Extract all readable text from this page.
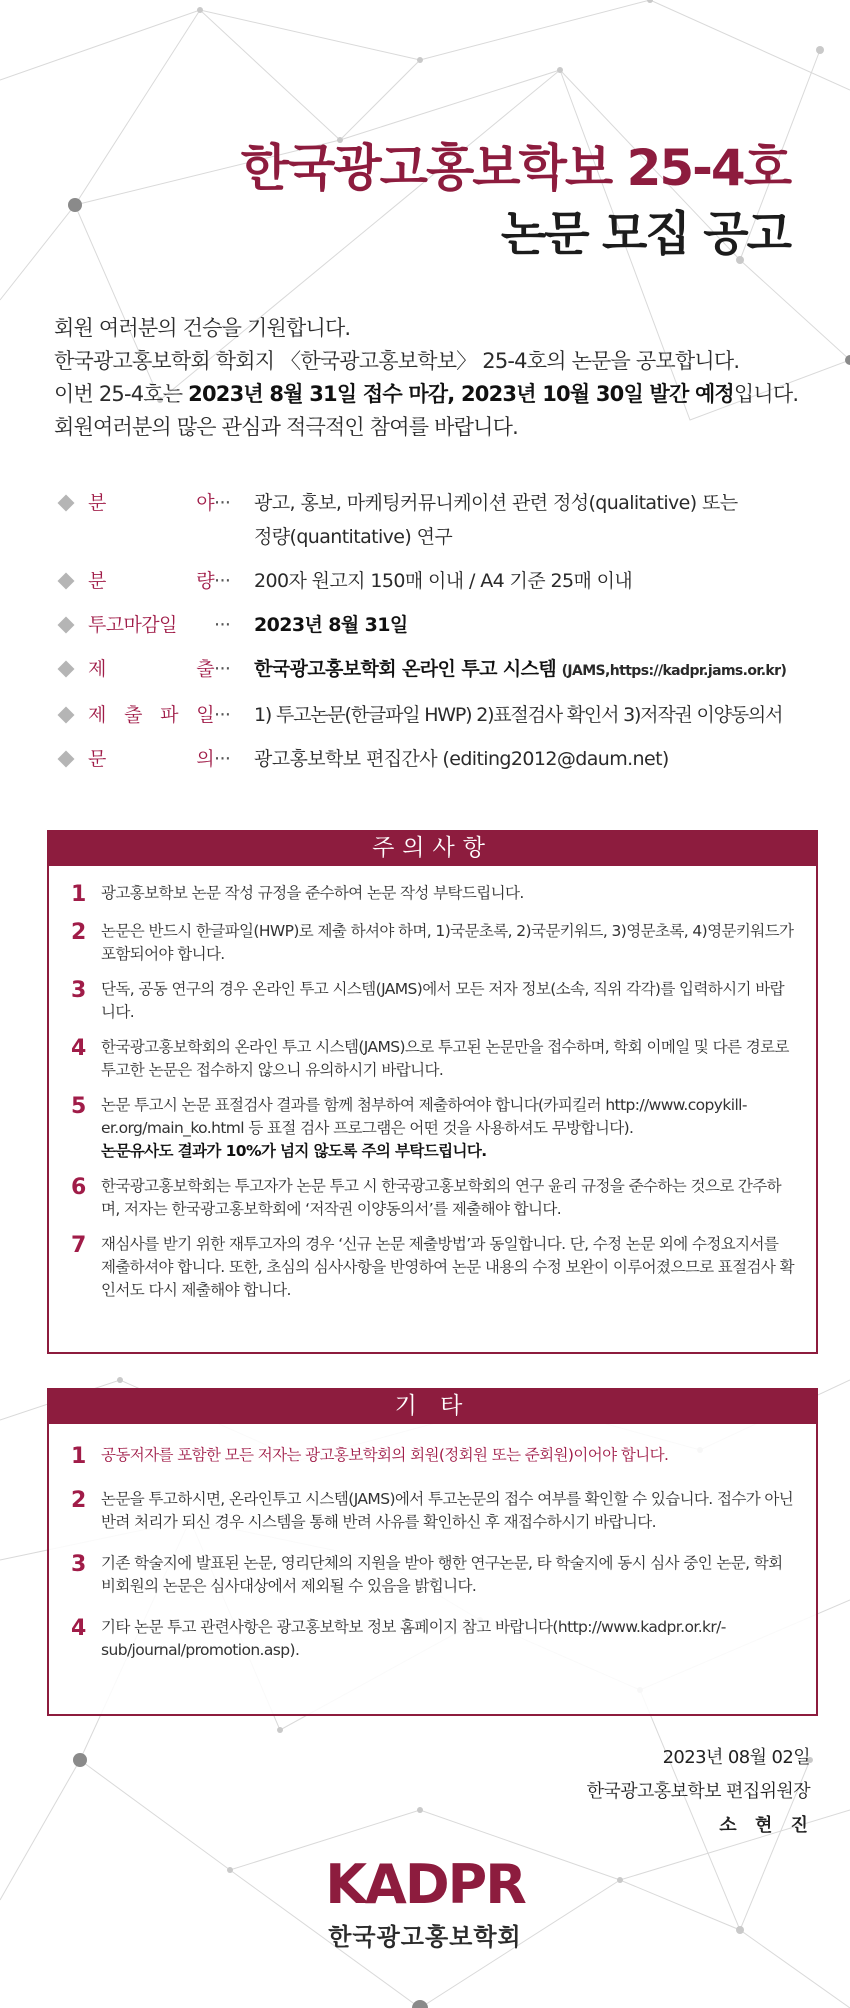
한국광고홍보학보 25-4호
논문 모집 공고

회원 여러분의 건승을 기원합니다.

한국광고홍보학회 학회지 〈한국광고홍보학보〉 25-4호의 논문을 공모합니다.

이번 25-4호는 2023년 8월 31일 접수 마감, 2023년 10월 30일 발간 예정입니다.

회원여러분의 많은 관심과 적극적인 참여를 바랍니다.

분 야 ···	광고, 홍보, 마케팅커뮤니케이션 관련 정성(qualitative) 또는
정량(quantitative) 연구
분 량 ···	200자 원고지 150매 이내 / A4 기준 25매 이내
투고마감일	···	2023년 8월 31일
제 출 ···	한국광고홍보학회 온라인 투고 시스템 (JAMS,https://kadpr.jams.or.kr)
제 출 파 일 ···	1) 투고논문(한글파일 HWP) 2)표절검사 확인서 3)저작권 이양동의서
문 의 ···	광고홍보학보 편집간사 (editing2012@daum.net)
주의사항
1 광고홍보학보 논문 작성 규정을 준수하여 논문 작성 부탁드립니다.
2 논문은 반드시 한글파일(HWP)로 제출 하셔야 하며, 1)국문초록, 2)국문키워드, 3)영문초록, 4)영문키워드가 포함되어야 합니다.
3 단독, 공동 연구의 경우 온라인 투고 시스템(JAMS)에서 모든 저자 정보(소속, 직위 각각)를 입력하시기 바랍니다.
4 한국광고홍보학회의 온라인 투고 시스템(JAMS)으로 투고된 논문만을 접수하며, 학회 이메일 및 다른 경로로 투고한 논문은 접수하지 않으니 유의하시기 바랍니다.
5 논문 투고시 논문 표절검사 결과를 함께 첨부하여 제출하여야 합니다(카피킬러 http://www.copykill-er.org/main_ko.html 등 표절 검사 프로그램은 어떤 것을 사용하셔도 무방합니다).
논문유사도 결과가 10%가 넘지 않도록 주의 부탁드립니다.
6 한국광고홍보학회는 투고자가 논문 투고 시 한국광고홍보학회의 연구 윤리 규정을 준수하는 것으로 간주하며, 저자는 한국광고홍보학회에 ‘저작권 이양동의서’를 제출해야 합니다.
7 재심사를 받기 위한 재투고자의 경우 ‘신규 논문 제출방법’과 동일합니다. 단, 수정 논문 외에 수정요지서를 제출하셔야 합니다. 또한, 초심의 심사사항을 반영하여 논문 내용의 수정 보완이 이루어졌으므로 표절검사 확인서도 다시 제출해야 합니다.
기 타
1 공동저자를 포함한 모든 저자는 광고홍보학회의 회원(정회원 또는 준회원)이어야 합니다.
2 논문을 투고하시면, 온라인투고 시스템(JAMS)에서 투고논문의 접수 여부를 확인할 수 있습니다. 접수가 아닌 반려 처리가 되신 경우 시스템을 통해 반려 사유를 확인하신 후 재접수하시기 바랍니다.
3 기존 학술지에 발표된 논문, 영리단체의 지원을 받아 행한 연구논문, 타 학술지에 동시 심사 중인 논문, 학회 비회원의 논문은 심사대상에서 제외될 수 있음을 밝힙니다.
4 기타 논문 투고 관련사항은 광고홍보학보 정보 홈페이지 참고 바랍니다(http://www.kadpr.or.kr/-sub/journal/promotion.asp).
2023년 08월 02일
한국광고홍보학보 편집위원장
소 현 진
KADPR
한국광고홍보학회
